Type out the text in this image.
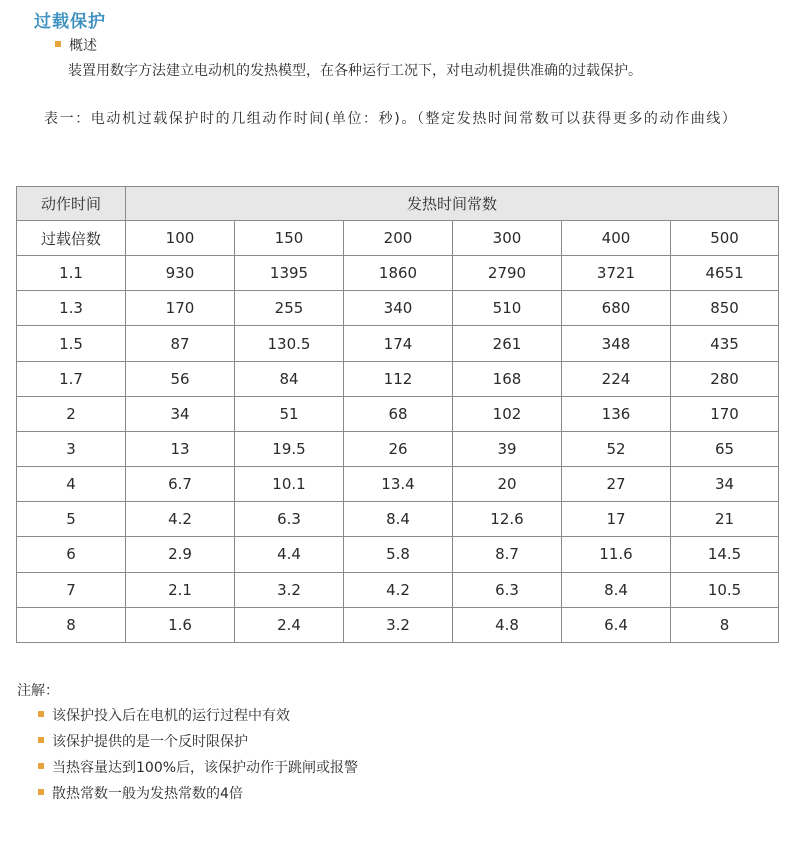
过载保护
概述
装置用数字方法建立电动机的发热模型，在各种运行工况下，对电动机提供准确的过载保护。
表一：电动机过载保护时的几组动作时间(单位：秒)。（整定发热时间常数可以获得更多的动作曲线）
动作时间	发热时间常数					
过载倍数	100	150	200	300	400	500
1.1	930	1395	1860	2790	3721	4651
1.3	170	255	340	510	680	850
1.5	87	130.5	174	261	348	435
1.7	56	84	112	168	224	280
2	34	51	68	102	136	170
3	13	19.5	26	39	52	65
4	6.7	10.1	13.4	20	27	34
5	4.2	6.3	8.4	12.6	17	21
6	2.9	4.4	5.8	8.7	11.6	14.5
7	2.1	3.2	4.2	6.3	8.4	10.5
8	1.6	2.4	3.2	4.8	6.4	8
注解：
该保护投入后在电机的运行过程中有效
该保护提供的是一个反时限保护
当热容量达到100%后，该保护动作于跳闸或报警
散热常数一般为发热常数的4倍
